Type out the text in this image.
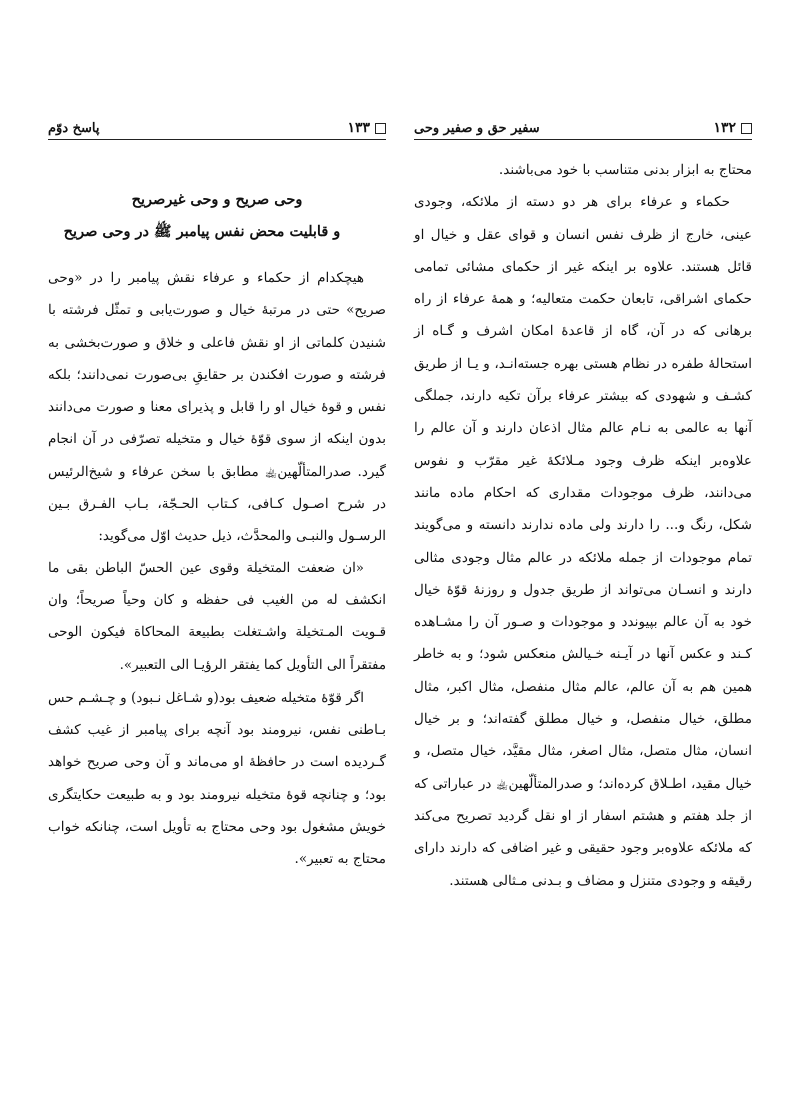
۱۳۲
سفیر حق و صفیر وحی

محتاج به ابزار بدنی متناسب با خود می‌باشند.

حکماء و عرفاء برای هر دو دسته از ملائکه، وجودی عینی، خارج از ظرف نفس انسان و قوای عقل و خیال او قائل هستند. علاوه بر اینکه غیر از حکمای مشائی تمامی حکمای اشراقی، تابعان حکمت متعالیه؛ و همهٔ عرفاء از راه برهانی که در آن، گاه از قاعدهٔ امکان اشرف و گـاه از استحالهٔ طفره در نظام هستی بهره جسته‌انـد، و یـا از طریق کشـف و شهودی که بیشتر عرفاء برآن تکیه دارند، جملگی آنها به عالمی به نـام عالم مثال اذعان دارند و آن عالم را علاوه‌بر اینکه ظرف وجود مـلائکهٔ غیر مقرّب و نفوس می‌دانند، ظرف موجودات مقداری که احکام ماده مانند شکل، رنگ و... را دارند ولی ماده ندارند دانسته و می‌گویند تمام موجودات از جمله ملائکه در عالم مثال وجودی مثالی دارند و انسـان می‌تواند از طریق جدول و روزنهٔ قوّهٔ خیال خود به آن عالم بپیوندد و موجودات و صـور آن را مشـاهده کـند و عکس آنها در آیـنه خـیالش منعکس شود؛ و به خاطر همین هم به آن عالم، عالم مثال منفصل، مثال اکبر، مثال مطلق، خیال منفصل، و خیال مطلق گفته‌اند؛ و بر خیال انسان، مثال متصل، مثال اصغر، مثال مقیَّد، خیال متصل، و خیال مقید، اطـلاق کرده‌اند؛ و صدرالمتألّهین﵀ در عباراتی که از جلد هفتم و هشتم اسفار از او نقل گردید تصریح می‌کند که ملائکه علاوه‌بر وجود حقیقی و غیر اضافی که دارند دارای رقیقه و وجودی متنزل و مضاف و بـدنی مـثالی هستند.

۱۳۳
پاسخ دوّم
وحی صریح و وحی غیرصریح
و قابلیت محض نفس پیامبر ﷺ در وحی صریح

هیچکدام از حکماء و عرفاء نقش پیامبر را در «وحی صریح» حتی در مرتبهٔ خیال و صورت‌یابی و تمثّل فرشته با شنیدن کلماتی از او نقش فاعلی و خلاق و صورت‌بخشی به فرشته و صورت افکندن بر حقایقِ بی‌صورت نمی‌دانند؛ بلکه نفس و قوهٔ خیال او را قابل و پذیرای معنا و صورت می‌دانند بدون اینکه از سوی قوّهٔ خیال و متخیله تصرّفی در آن انجام گیرد. صدرالمتألّهین﵀ مطابق با سخن عرفاء و شیخ‌الرئیس در شرح اصـول کـافی، کـتاب الحـجّة، بـاب الفـرق بـین الرسـول والنبـی والمحدَّث، ذیل حدیث اوّل می‌گوید:

«ان ضعفت المتخیلة وقوی عین الحسّ الباطن بقی ما انکشف له من الغیب فی حفظه و کان وحیاً صریحاً؛ وان قـویت المـتخیلة واشـتغلت بطبیعة المحاکاة فیکون الوحی مفتقراً الی التأویل کما یفتقر الرؤیـا الی التعبیر».

اگر قوّهٔ متخیله ضعیف بود(و شـاغل نـبود) و چـشـم حس بـاطنی نفس، نیرومند بود آنچه برای پیامبر از غیب کشف گـردیده است در حافظهٔ او می‌ماند و آن وحی صریح خواهد بود؛ و چنانچه قوهٔ متخیله نیرومند بود و به طبیعت حکایتگری خویش مشغول بود وحی محتاج به تأویل است، چنانکه خواب محتاج به تعبیر».
